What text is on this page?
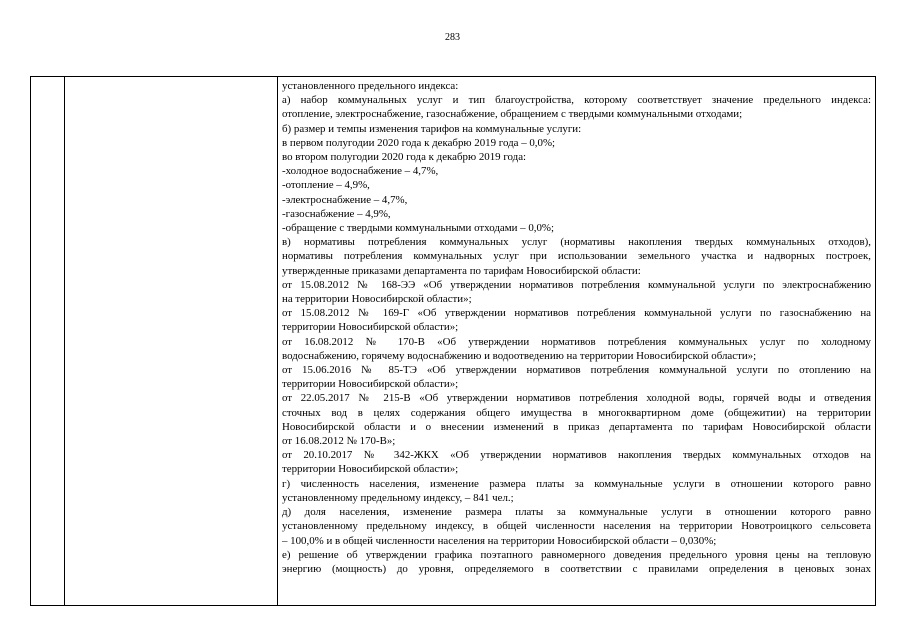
283
установленного предельного индекса:
а) набор коммунальных услуг и тип благоустройства, которому соответствует значение предельного индекса:
отопление, электроснабжение, газоснабжение, обращением с твердыми коммунальными отходами;
б) размер и темпы изменения тарифов на коммунальные услуги:
в первом полугодии 2020 года к декабрю 2019 года – 0,0%;
во втором полугодии 2020 года к декабрю 2019 года:
-холодное водоснабжение – 4,7%,
-отопление – 4,9%,
-электроснабжение – 4,7%,
-газоснабжение – 4,9%,
-обращение с твердыми коммунальными отходами – 0,0%;
в) нормативы потребления коммунальных услуг (нормативы накопления твердых коммунальных отходов),
нормативы потребления коммунальных услуг при использовании земельного участка и надворных построек,
утвержденные приказами департамента по тарифам Новосибирской области:
от 15.08.2012 № 168-ЭЭ «Об утверждении нормативов потребления коммунальной услуги по электроснабжению
на территории Новосибирской области»;
от 15.08.2012 № 169-Г «Об утверждении нормативов потребления коммунальной услуги по газоснабжению на
территории Новосибирской области»;
от 16.08.2012 № 170-В «Об утверждении нормативов потребления коммунальных услуг по холодному
водоснабжению, горячему водоснабжению и водоотведению на территории Новосибирской области»;
от 15.06.2016 № 85-ТЭ «Об утверждении нормативов потребления коммунальной услуги по отоплению на
территории Новосибирской области»;
от 22.05.2017 № 215-В «Об утверждении нормативов потребления холодной воды, горячей воды и отведения
сточных вод в целях содержания общего имущества в многоквартирном доме (общежитии) на территории
Новосибирской области и о внесении изменений в приказ департамента по тарифам Новосибирской области
от 16.08.2012 № 170-В»;
от 20.10.2017 № 342-ЖКХ «Об утверждении нормативов накопления твердых коммунальных отходов на
территории Новосибирской области»;
г) численность населения, изменение размера платы за коммунальные услуги в отношении которого равно
установленному предельному индексу, – 841 чел.;
д) доля населения, изменение размера платы за коммунальные услуги в отношении которого равно
установленному предельному индексу, в общей численности населения на территории Новотроицкого сельсовета
– 100,0% и в общей численности населения на территории Новосибирской области – 0,030%;
е) решение об утверждении графика поэтапного равномерного доведения предельного уровня цены на тепловую
энергию (мощность) до уровня, определяемого в соответствии с правилами определения в ценовых зонах
